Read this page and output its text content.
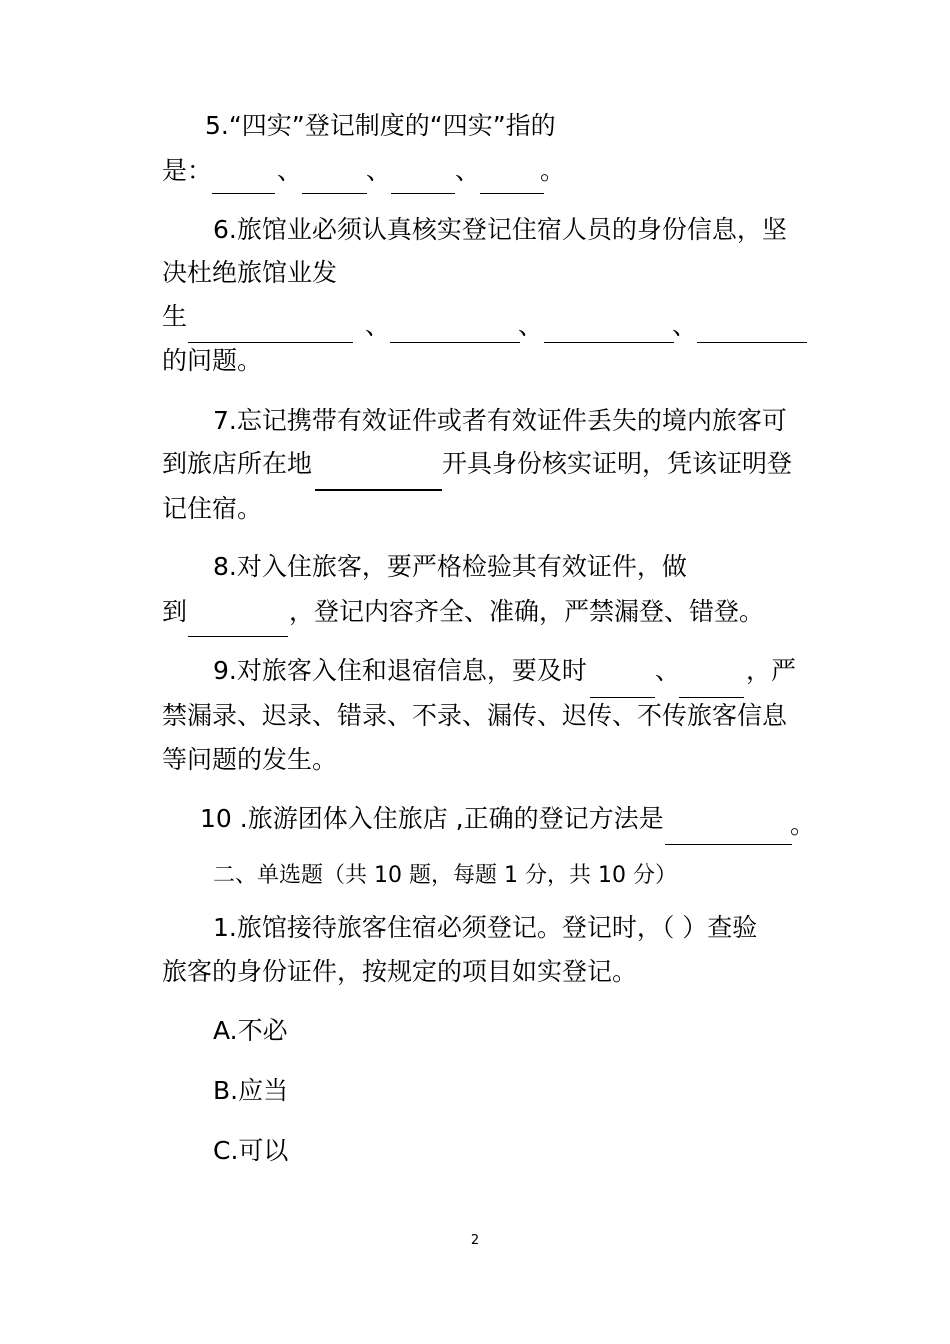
5.“四实”登记制度的“四实”指的
是：	、	、	、 。
6.旅馆业必须认真核实登记住宿人员的身份信息，坚
决杜绝旅馆业发
生	、	、	、
的问题。
7.忘记携带有效证件或者有效证件丢失的境内旅客可
到旅店所在地	开具身份核实证明，凭该证明登
记住宿。
8.对入住旅客，要严格检验其有效证件，做
到	，登记内容齐全、准确，严禁漏登、错登。
9.对旅客入住和退宿信息，要及时	、	，严
禁漏录、迟录、错录、不录、漏传、迟传、不传旅客信息
等问题的发生。
10 .旅游团体入住旅店 ,正确的登记方法是	。
二、单选题（共 10 题，每题 1 分，共 10 分）
1.旅馆接待旅客住宿必须登记。登记时，（ ）查验
旅客的身份证件，按规定的项目如实登记。
A.不必
B.应当
C.可以
2
